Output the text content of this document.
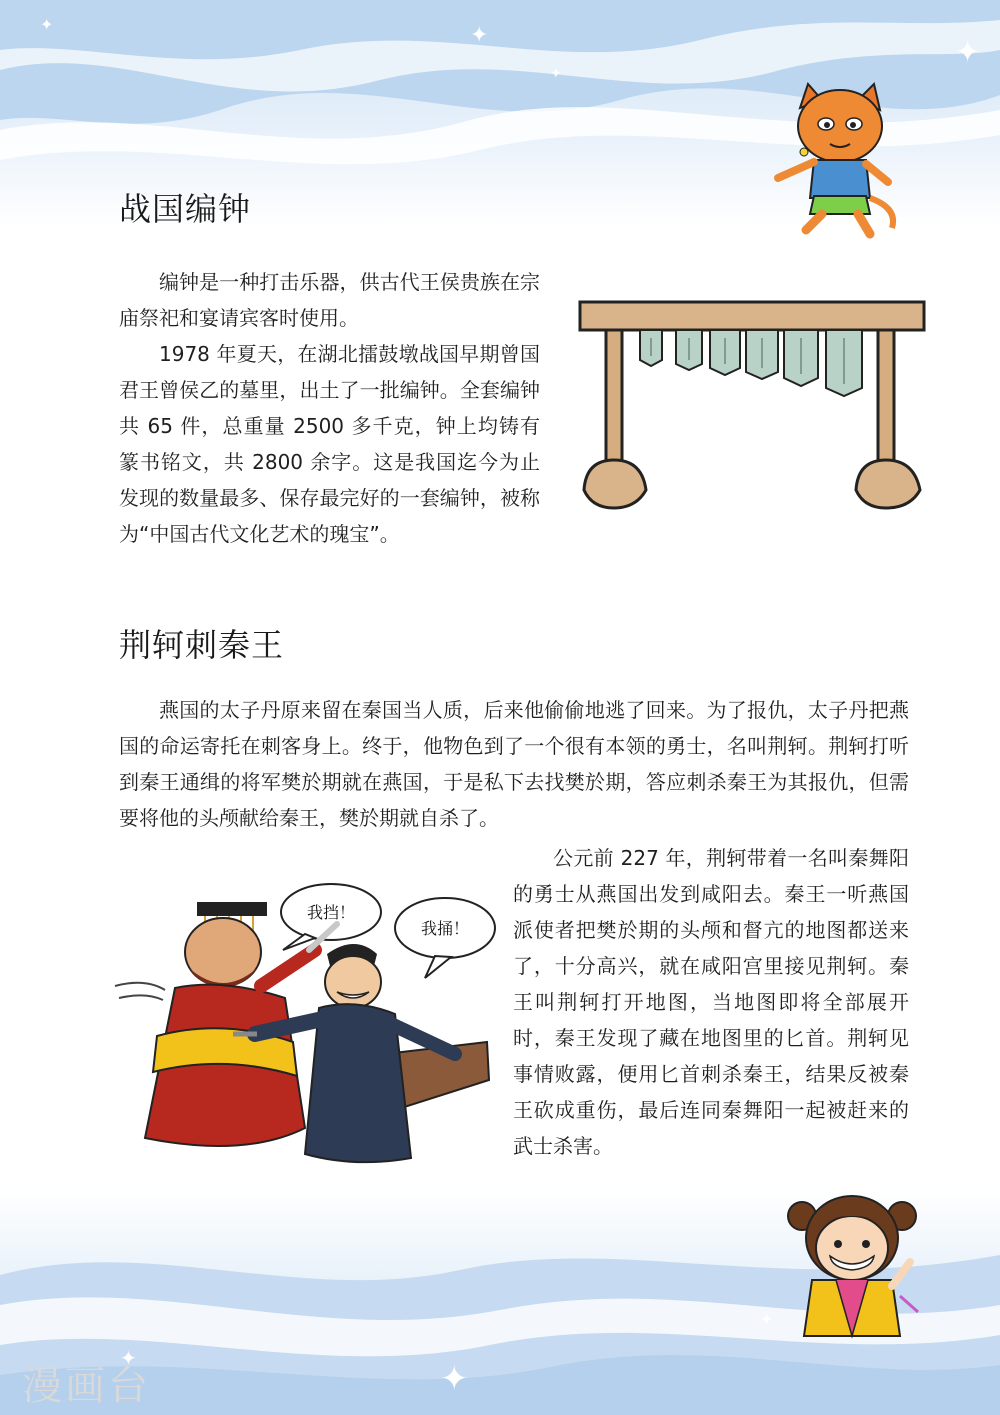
✦	✦
✦
✦
✦
✦
✦
战国编钟

编钟是一种打击乐器，供古代王侯贵族在宗庙祭祀和宴请宾客时使用。

1978 年夏天，在湖北擂鼓墩战国早期曾国君王曾侯乙的墓里，出土了一批编钟。全套编钟共 65 件，总重量 2500 多千克，钟上均铸有篆书铭文，共 2800 余字。这是我国迄今为止发现的数量最多、保存最完好的一套编钟，被称为“中国古代文化艺术的瑰宝”。

荆轲刺秦王
燕国的太子丹原来留在秦国当人质，后来他偷偷地逃了回来。为了报仇，太子丹把燕国的命运寄托在刺客身上。终于，他物色到了一个很有本领的勇士，名叫荆轲。荆轲打听到秦王通缉的将军樊於期就在燕国，于是私下去找樊於期，答应刺杀秦王为其报仇，但需要将他的头颅献给秦王，樊於期就自杀了。
公元前 227 年，荆轲带着一名叫秦舞阳的勇士从燕国出发到咸阳去。秦王一听燕国派使者把樊於期的头颅和督亢的地图都送来了，十分高兴，就在咸阳宫里接见荆轲。秦王叫荆轲打开地图，当地图即将全部展开时，秦王发现了藏在地图里的匕首。荆轲见事情败露，便用匕首刺杀秦王，结果反被秦王砍成重伤，最后连同秦舞阳一起被赶来的武士杀害。
我挡！
我捅！
漫画台
